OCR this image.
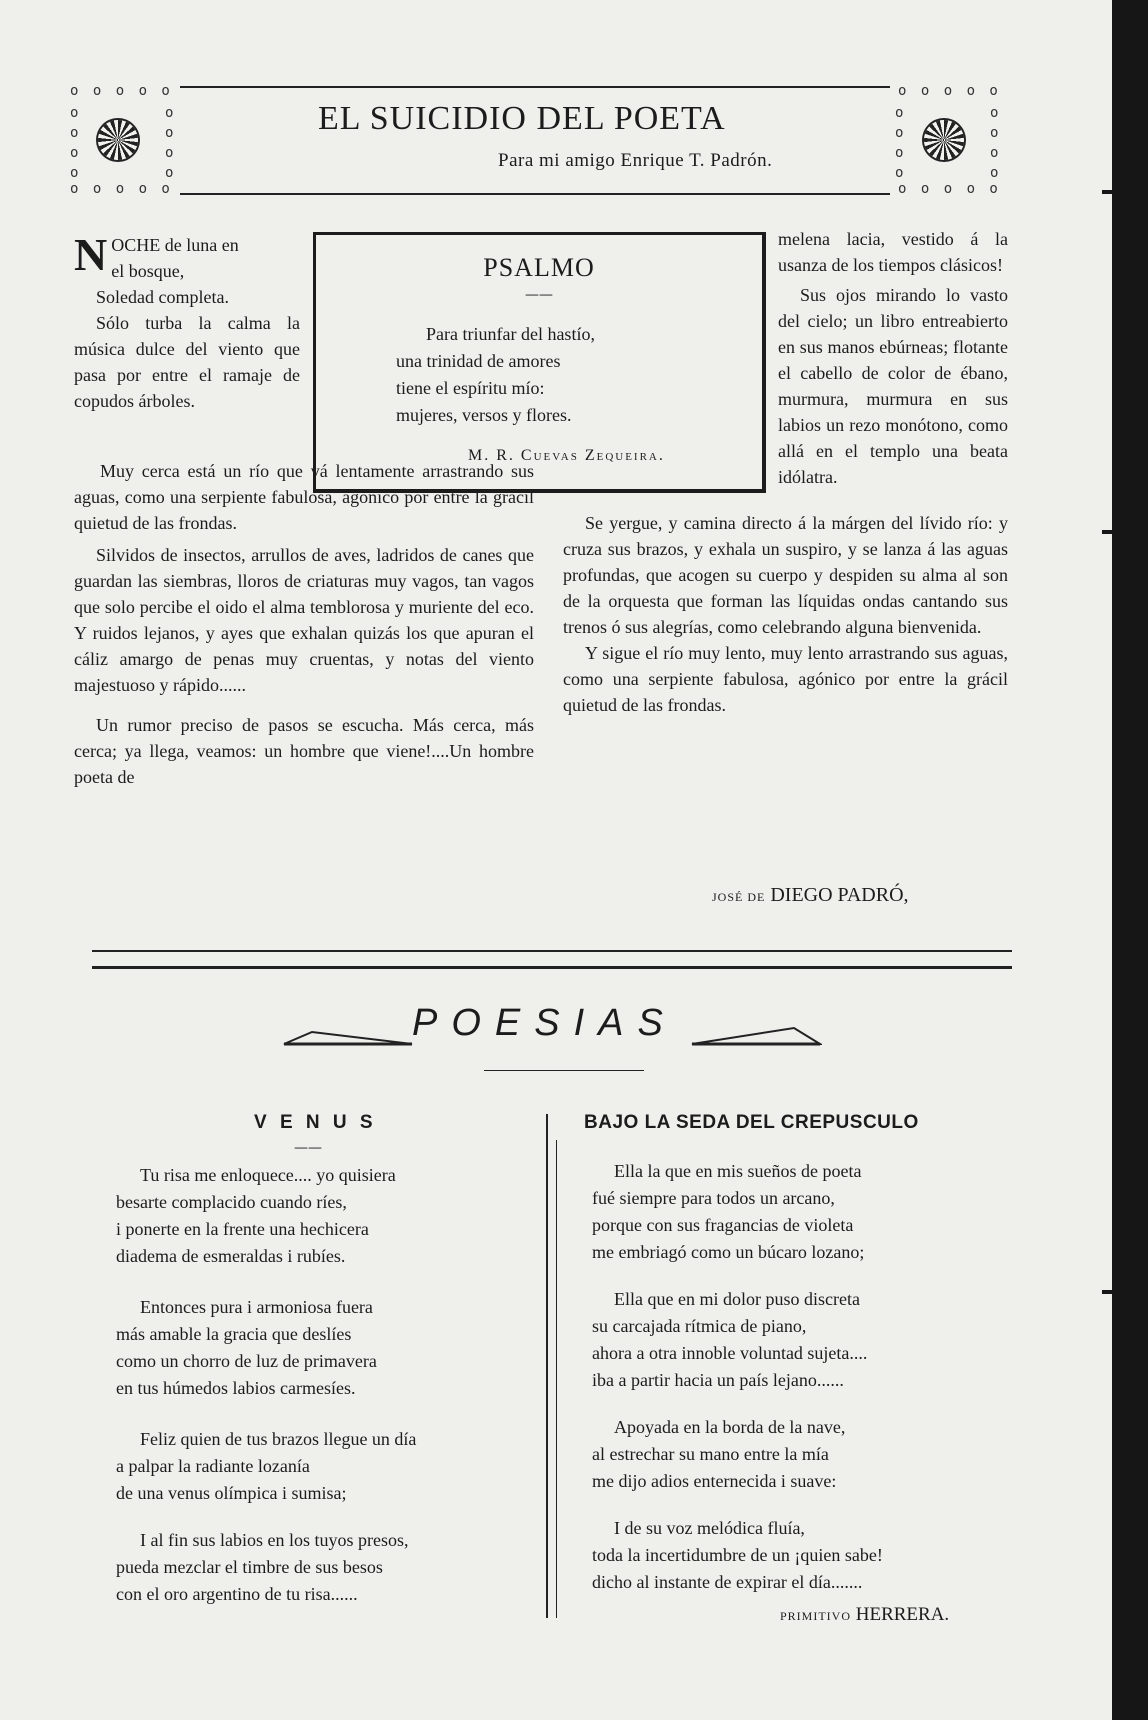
o o o o o
o o o o o
o
o
o
o
o
o
o
o
o o o o o
o o o o o
o
o
o
o
o
o
o
o
EL SUICIDIO DEL POETA
Para mi amigo Enrique T. Padrón.
PSALMO
——
Para triunfar del hastío,
una trinidad de amores
tiene el espíritu mío:
mujeres, versos y flores.
M. R. Cuevas Zequeira.
N OCHE de luna en
el bosque,

Soledad completa.

Sólo turba la calma la música dulce del viento que pasa por entre el ramaje de copudos árboles.

Muy cerca está un río que vá lentamente arrastrando sus aguas, como una serpiente fabulosa, agónico por entre la grácil quietud de las frondas.

Silvidos de insectos, arrullos de aves, ladridos de canes que guardan las siembras, lloros de criaturas muy vagos, tan vagos que solo percibe el oido el alma temblorosa y muriente del eco. Y ruidos lejanos, y ayes que exhalan quizás los que apuran el cáliz amargo de penas muy cruentas, y notas del viento majestuoso y rápido......

Un rumor preciso de pasos se escucha. Más cerca, más cerca; ya llega, veamos: un hombre que viene!....Un hombre poeta de

melena lacia, vestido á la usanza de los tiempos clásicos!

Sus ojos mirando lo vasto del cielo; un libro entreabierto en sus manos ebúrneas; flotante el cabello de color de ébano, murmura, murmura en sus labios un rezo monótono, como allá en el templo una beata idólatra.

Se yergue, y camina directo á la márgen del lívido río: y cruza sus brazos, y exhala un suspiro, y se lanza á las aguas profundas, que acogen su cuerpo y despiden su alma al son de la orquesta que forman las líquidas ondas cantando sus trenos ó sus alegrías, como celebrando alguna bienvenida.

Y sigue el río muy lento, muy lento arrastrando sus aguas, como una serpiente fabulosa, agónico por entre la grácil quietud de las frondas.

JOSÉ DE DIEGO PADRÓ,
POESIAS
V E N U S
——
Tu risa me enloquece.... yo quisiera
besarte complacido cuando ríes,
i ponerte en la frente una hechicera
diadema de esmeraldas i rubíes.
Entonces pura i armoniosa fuera
más amable la gracia que deslíes
como un chorro de luz de primavera
en tus húmedos labios carmesíes.
Feliz quien de tus brazos llegue un día
a palpar la radiante lozanía
de una venus olímpica i sumisa;
I al fin sus labios en los tuyos presos,
pueda mezclar el timbre de sus besos
con el oro argentino de tu risa......
BAJO LA SEDA DEL CREPUSCULO
Ella la que en mis sueños de poeta
fué siempre para todos un arcano,
porque con sus fragancias de violeta
me embriagó como un búcaro lozano;
Ella que en mi dolor puso discreta
su carcajada rítmica de piano,
ahora a otra innoble voluntad sujeta....
iba a partir hacia un país lejano......
Apoyada en la borda de la nave,
al estrechar su mano entre la mía
me dijo adios enternecida i suave:
I de su voz melódica fluía,
toda la incertidumbre de un ¡quien sabe!
dicho al instante de expirar el día.......
PRIMITIVO HERRERA.
